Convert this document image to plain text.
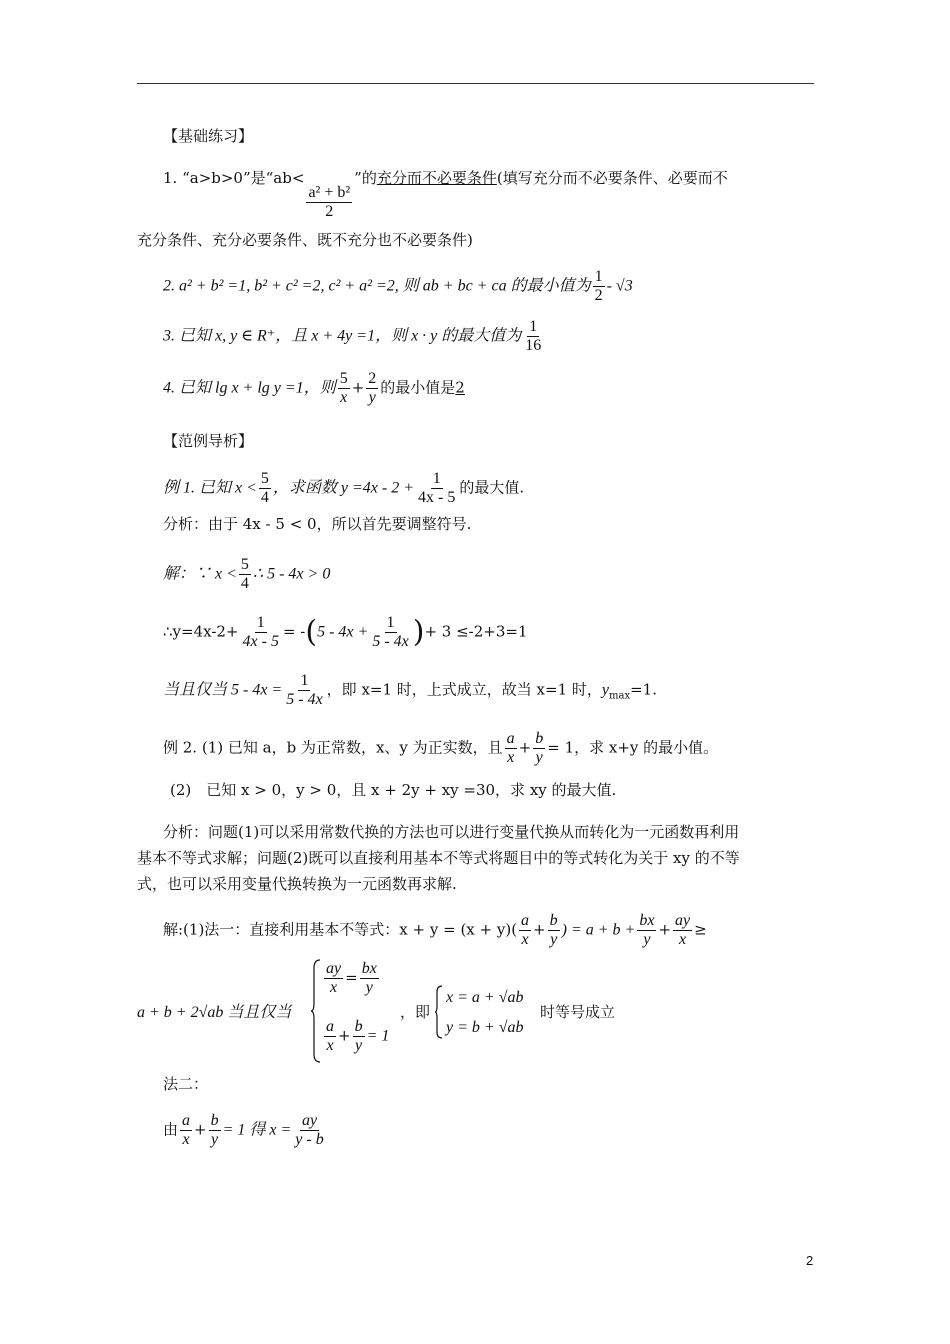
【基础练习】
1. “a>b>0”是“ab<
$\frac{\text{a² + b²}}{2}$
”的充分而不必要条件(填写充分而不必要条件、必要而不
充分条件、充分必要条件、既不充分也不必要条件)
2. a² + b² =1, b² + c² =2, c² + a² =2, 则 ab + bc + ca 的最小值为 $\frac{1}{2} - √3$
3. 已知 x, y ∈ R⁺，且 x + 4y =1，则 x · y 的最大值为 $\frac{1}{16}$
4. 已知 lg x + lg y =1，则 $\frac{5}{x} + \frac{2}{y}$ 的最小值是2
【范例导析】
例 1. 已知 $x < \frac{5}{4}$ ，求函数 $y =4x - 2 + \frac{1}{4x - 5}$ 的最大值.
分析：由于 4x - 5 < 0，所以首先要调整符号.
解：∵ $x < \frac{5}{4}$ ∴ 5 - 4x > 0
∴y=4x-2+ $\frac{1}{4x - 5} = -(5 - 4x + \frac{1}{5 - 4x}$ )+ 3 ≤-2+3=1
当且仅当 $5 - 4x = \frac{1}{5 - 4x}$ ，即 x=1 时，上式成立，故当 x=1 时，$y_{max}=1$.
例 2. (1) 已知 a，b 为正常数，x、y 为正实数，且 $\frac{a}{x} + \frac{b}{y} = 1$，求 x+y 的最小值。
(2)　已知 x > 0，y > 0，且 x + 2y + xy =30，求 xy 的最大值.
分析：问题(1)可以采用常数代换的方法也可以进行变量代换从而转化为一元函数再利用
基本不等式求解；问题(2)既可以直接利用基本不等式将题目中的等式转化为关于 xy 的不等
式，也可以采用变量代换转换为一元函数再求解.
解:(1)法一：直接利用基本不等式：$x + y = (x + y)( \frac{a}{x} + \frac{b}{y}$ ) = $a + b + \frac{bx}{y} + \frac{ay}{x}$ ≥
a + b + 2√ab 当且仅当
$\frac{ay}{x} = \frac{bx}{y}$
$\frac{a}{x} + \frac{b}{y} = 1$
，即
x = a + √ab
y = b + √ab
时等号成立
法二：
由 $\frac{a}{x} + \frac{b}{y} = 1$ 得 $x = \frac{ay}{y - b}$
2
